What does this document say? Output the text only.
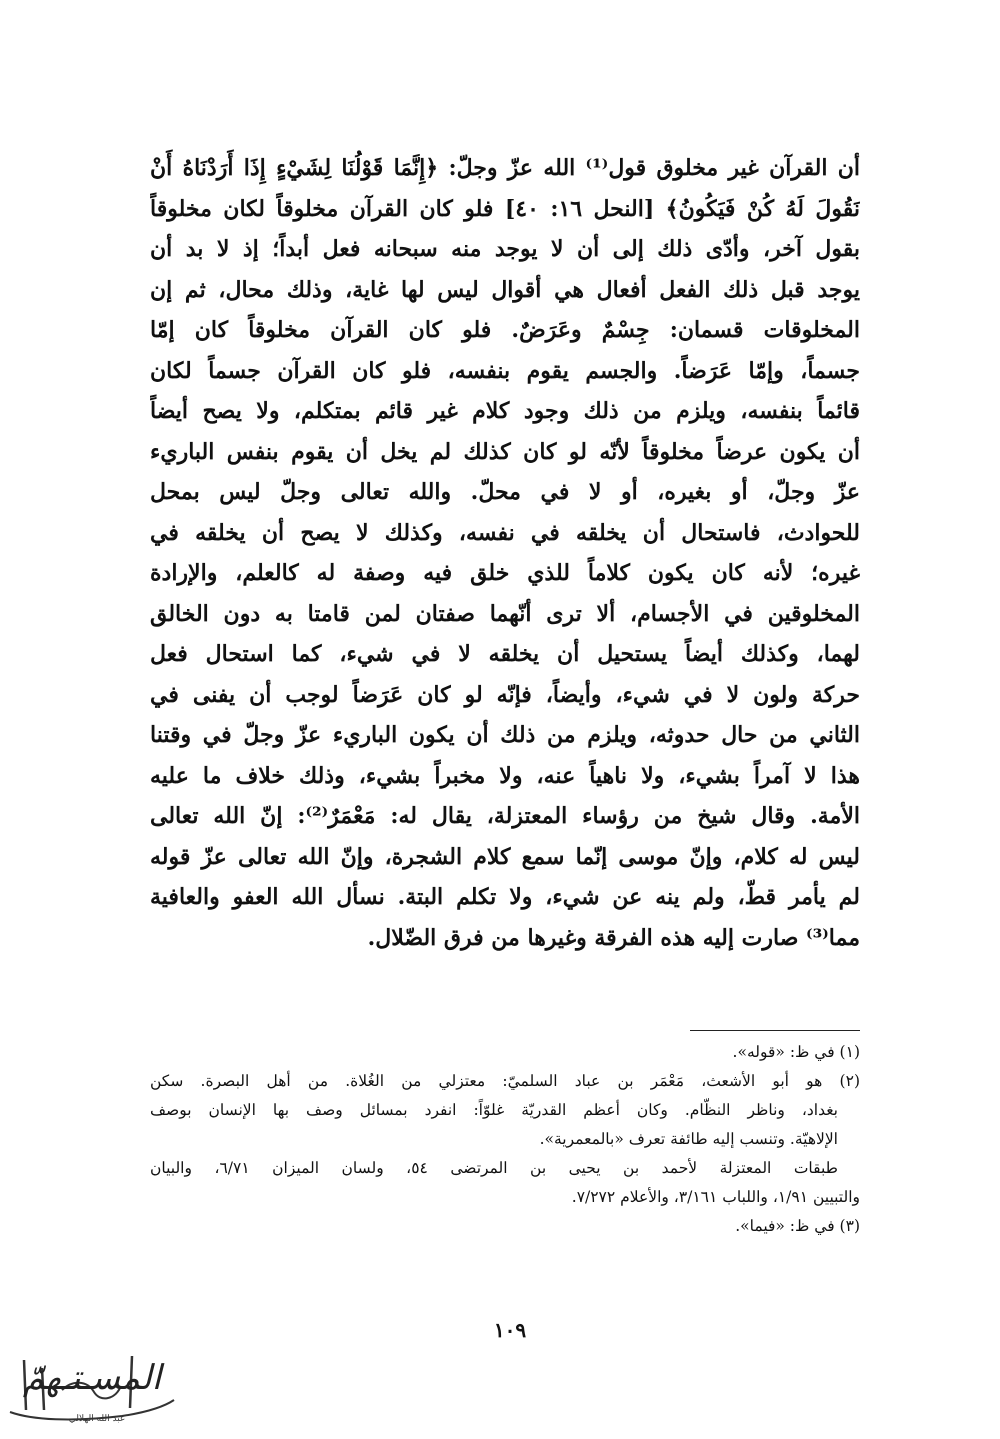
أن القرآن غير مخلوق قول⁽¹⁾ الله عزّ وجلّ: ﴿إِنَّمَا قَوْلُنَا لِشَيْءٍ إِذَا أَرَدْنَاهُ أَنْ
نَقُولَ لَهُ كُنْ فَيَكُونُ﴾ [النحل ١٦: ٤٠] فلو كان القرآن مخلوقاً لكان مخلوقاً
بقول آخر، وأدّى ذلك إلى أن لا يوجد منه سبحانه فعل أبداً؛ إذ لا بد أن
يوجد قبل ذلك الفعل أفعال هي أقوال ليس لها غاية، وذلك محال، ثم إن
المخلوقات قسمان: جِسْمٌ وعَرَضٌ. فلو كان القرآن مخلوقاً كان إمّا
جسماً، وإمّا عَرَضاً. والجسم يقوم بنفسه، فلو كان القرآن جسماً لكان
قائماً بنفسه، ويلزم من ذلك وجود كلام غير قائم بمتكلم، ولا يصح أيضاً
أن يكون عرضاً مخلوقاً لأنّه لو كان كذلك لم يخل أن يقوم بنفس الباريء
عزّ وجلّ، أو بغيره، أو لا في محلّ. والله تعالى وجلّ ليس بمحل
للحوادث، فاستحال أن يخلقه في نفسه، وكذلك لا يصح أن يخلقه في
غيره؛ لأنه كان يكون كلاماً للذي خلق فيه وصفة له كالعلم، والإرادة
المخلوقين في الأجسام، ألا ترى أنّهما صفتان لمن قامتا به دون الخالق
لهما، وكذلك أيضاً يستحيل أن يخلقه لا في شيء، كما استحال فعل
حركة ولون لا في شيء، وأيضاً، فإنّه لو كان عَرَضاً لوجب أن يفنى في
الثاني من حال حدوثه، ويلزم من ذلك أن يكون الباريء عزّ وجلّ في وقتنا
هذا لا آمراً بشيء، ولا ناهياً عنه، ولا مخبراً بشيء، وذلك خلاف ما عليه
الأمة. وقال شيخ من رؤساء المعتزلة، يقال له: مَعْمَرٌ⁽²⁾: إنّ الله تعالى
ليس له كلام، وإنّ موسى إنّما سمع كلام الشجرة، وإنّ الله تعالى عزّ قوله
لم يأمر قطّ، ولم ينه عن شيء، ولا تكلم البتة. نسأل الله العفو والعافية
مما⁽³⁾ صارت إليه هذه الفرقة وغيرها من فرق الضّلال.
(١) في ظ: «قوله».
(٢) هو أبو الأشعث، مَعْمَر بن عباد السلميّ: معتزلي من الغُلاة. من أهل البصرة. سكن
بغداد، وناظر النظّام. وكان أعظم القدريّة غلوّاً: انفرد بمسائل وصف بها الإنسان بوصف
الإلاهيّة. وتنسب إليه طائفة تعرف «بالمعمرية».
طبقات المعتزلة لأحمد بن يحيى بن المرتضى ٥٤، ولسان الميزان ٦/٧١، والبيان
والتبيين ١/٩١، واللباب ٣/١٦١، والأعلام ٧/٢٧٢.
(٣) في ظ: «فيما».
١٠٩
المسـتـهمّ
عبد الله الهلالي
